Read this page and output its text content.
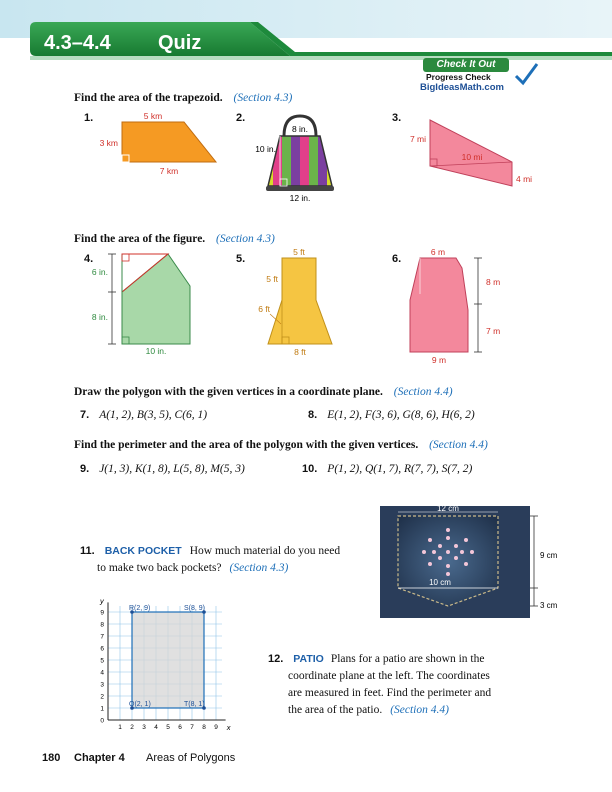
4.3–4.4 Quiz
Check It Out
Progress Check
BigIdeasMath.com
Find the area of the trapezoid. (Section 4.3)
1.	2.	3.
5 km
3 km
7 km
8 in.
10 in.
12 in.
7 mi
10 mi
4 mi
Find the area of the figure. (Section 4.3)
4.	5.	6.
6 in.
8 in.
10 in.
5 ft
5 ft
6 ft
8 ft
6 m
8 m
7 m
9 m
Draw the polygon with the given vertices in a coordinate plane. (Section 4.4)
7. A(1, 2), B(3, 5), C(6, 1)	8. E(1, 2), F(3, 6), G(8, 6), H(6, 2)
Find the perimeter and the area of the polygon with the given vertices. (Section 4.4)
9. J(1, 3), K(1, 8), L(5, 8), M(5, 3)	10. P(1, 2), Q(1, 7), R(7, 7), S(7, 2)
11. BACK POCKET How much material do you need
to make two back pockets? (Section 4.3)
12 cm
10 cm
9 cm
3 cm
x
y
1 2 3 4 5 6 7 8 9
0
1
2
3
4
5
6
7
8
9
R(2, 9)	S(8, 9)
Q(2, 1)	T(8, 1)
12. PATIO Plans for a patio are shown in the
coordinate plane at the left. The coordinates
are measured in feet. Find the perimeter and
the area of the patio. (Section 4.4)
180 Chapter 4 Areas of Polygons
